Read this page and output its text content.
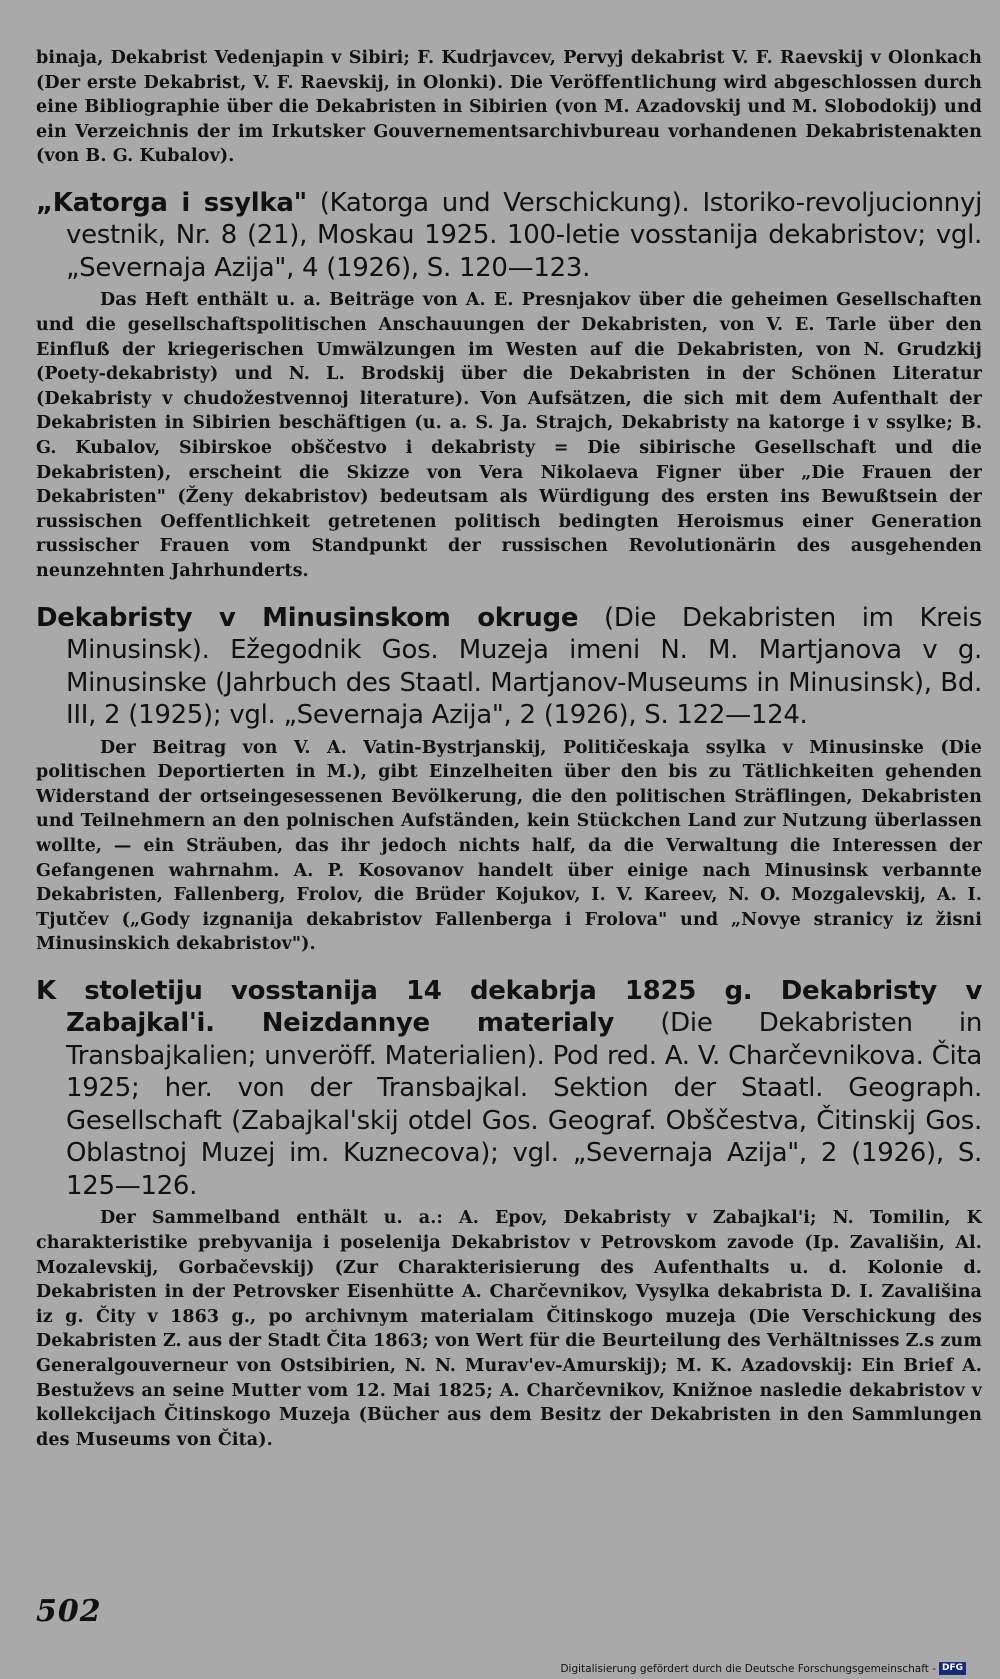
binaja, Dekabrist Vedenjapin v Sibiri; F. Kudrjavcev, Pervyj dekabrist V. F. Raevskij v Olonkach (Der erste Dekabrist, V. F. Raevskij, in Olonki). Die Veröffentlichung wird abgeschlossen durch eine Bibliographie über die Dekabristen in Sibirien (von M. Azadovskij und M. Slobodokij) und ein Verzeichnis der im Irkutsker Gouvernementsarchivbureau vorhandenen Dekabristenakten (von B. G. Kubalov).

„Katorga i ssylka" (Katorga und Verschickung). Istoriko-revoljucionnyj vestnik, Nr. 8 (21), Moskau 1925. 100-letie vosstanija dekabristov; vgl. „Severnaja Azija", 4 (1926), S. 120—123.

Das Heft enthält u. a. Beiträge von A. E. Presnjakov über die geheimen Gesellschaften und die gesellschaftspolitischen Anschauungen der Dekabristen, von V. E. Tarle über den Einfluß der kriegerischen Umwälzungen im Westen auf die Dekabristen, von N. Grudzkij (Poety-dekabristy) und N. L. Brodskij über die Dekabristen in der Schönen Literatur (Dekabristy v chudožestvennoj literature). Von Aufsätzen, die sich mit dem Aufenthalt der Dekabristen in Sibirien beschäftigen (u. a. S. Ja. Strajch, Dekabristy na katorge i v ssylke; B. G. Kubalov, Sibirskoe obščestvo i dekabristy = Die sibirische Gesellschaft und die Dekabristen), erscheint die Skizze von Vera Nikolaeva Figner über „Die Frauen der Dekabristen" (Ženy dekabristov) bedeutsam als Würdigung des ersten ins Bewußtsein der russischen Oeffentlichkeit getretenen politisch bedingten Heroismus einer Generation russischer Frauen vom Standpunkt der russischen Revolutionärin des ausgehenden neunzehnten Jahrhunderts.

Dekabristy v Minusinskom okruge (Die Dekabristen im Kreis Minusinsk). Ežegodnik Gos. Muzeja imeni N. M. Martjanova v g. Minusinske (Jahrbuch des Staatl. Martjanov-Museums in Minusinsk), Bd. III, 2 (1925); vgl. „Severnaja Azija", 2 (1926), S. 122—124.

Der Beitrag von V. A. Vatin-Bystrjanskij, Političeskaja ssylka v Minusinske (Die politischen Deportierten in M.), gibt Einzelheiten über den bis zu Tätlichkeiten gehenden Widerstand der ortseingesessenen Bevölkerung, die den politischen Sträflingen, Dekabristen und Teilnehmern an den polnischen Aufständen, kein Stückchen Land zur Nutzung überlassen wollte, — ein Sträuben, das ihr jedoch nichts half, da die Verwaltung die Interessen der Gefangenen wahrnahm. A. P. Kosovanov handelt über einige nach Minusinsk verbannte Dekabristen, Fallenberg, Frolov, die Brüder Kojukov, I. V. Kareev, N. O. Mozgalevskij, A. I. Tjutčev („Gody izgnanija dekabristov Fallenberga i Frolova" und „Novye stranicy iz žisni Minusinskich dekabristov").

K stoletiju vosstanija 14 dekabrja 1825 g. Dekabristy v Zabajkal'i. Neizdannye materialy (Die Dekabristen in Transbajkalien; unveröff. Materialien). Pod red. A. V. Charčevnikova. Čita 1925; her. von der Transbajkal. Sektion der Staatl. Geograph. Gesellschaft (Zabajkal'skij otdel Gos. Geograf. Obščestva, Čitinskij Gos. Oblastnoj Muzej im. Kuznecova); vgl. „Severnaja Azija", 2 (1926), S. 125—126.

Der Sammelband enthält u. a.: A. Epov, Dekabristy v Zabajkal'i; N. Tomilin, K charakteristike prebyvanija i poselenija Dekabristov v Petrovskom zavode (Ip. Zavališin, Al. Mozalevskij, Gorbačevskij) (Zur Charakterisierung des Aufenthalts u. d. Kolonie d. Dekabristen in der Petrovsker Eisenhütte A. Charčevnikov, Vysylka dekabrista D. I. Zavališina iz g. Čity v 1863 g., po archivnym materialam Čitinskogo muzeja (Die Verschickung des Dekabristen Z. aus der Stadt Čita 1863; von Wert für die Beurteilung des Verhältnisses Z.s zum Generalgouverneur von Ostsibirien, N. N. Murav'ev-Amurskij); M. K. Azadovskij: Ein Brief A. Bestuževs an seine Mutter vom 12. Mai 1825; A. Charčevnikov, Knižnoe nasledie dekabristov v kollekcijach Čitinskogo Muzeja (Bücher aus dem Besitz der Dekabristen in den Sammlungen des Museums von Čita).

502
Digitalisierung gefördert durch die Deutsche Forschungsgemeinschaft - DFG
